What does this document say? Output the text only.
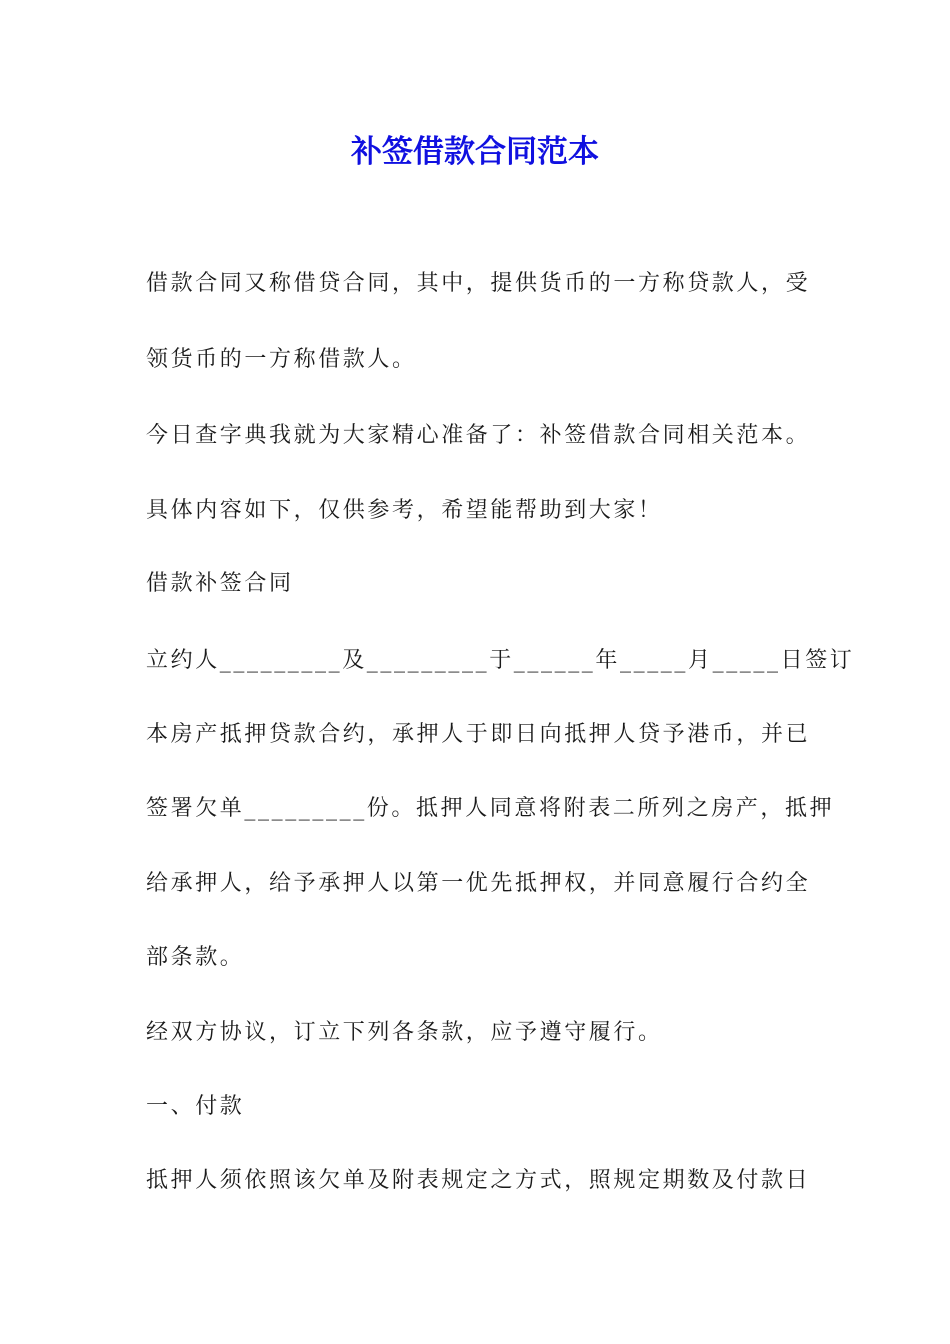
补签借款合同范本

借款合同又称借贷合同，其中，提供货币的一方称贷款人，受

领货币的一方称借款人。

今日查字典我就为大家精心准备了：补签借款合同相关范本。

具体内容如下，仅供参考，希望能帮助到大家！

借款补签合同

立约人_________及_________于______年_____月_____日签订

本房产抵押贷款合约，承押人于即日向抵押人贷予港币，并已

签署欠单_________份。抵押人同意将附表二所列之房产，抵押

给承押人，给予承押人以第一优先抵押权，并同意履行合约全

部条款。

经双方协议，订立下列各条款，应予遵守履行。

一、付款

抵押人须依照该欠单及附表规定之方式，照规定期数及付款日
